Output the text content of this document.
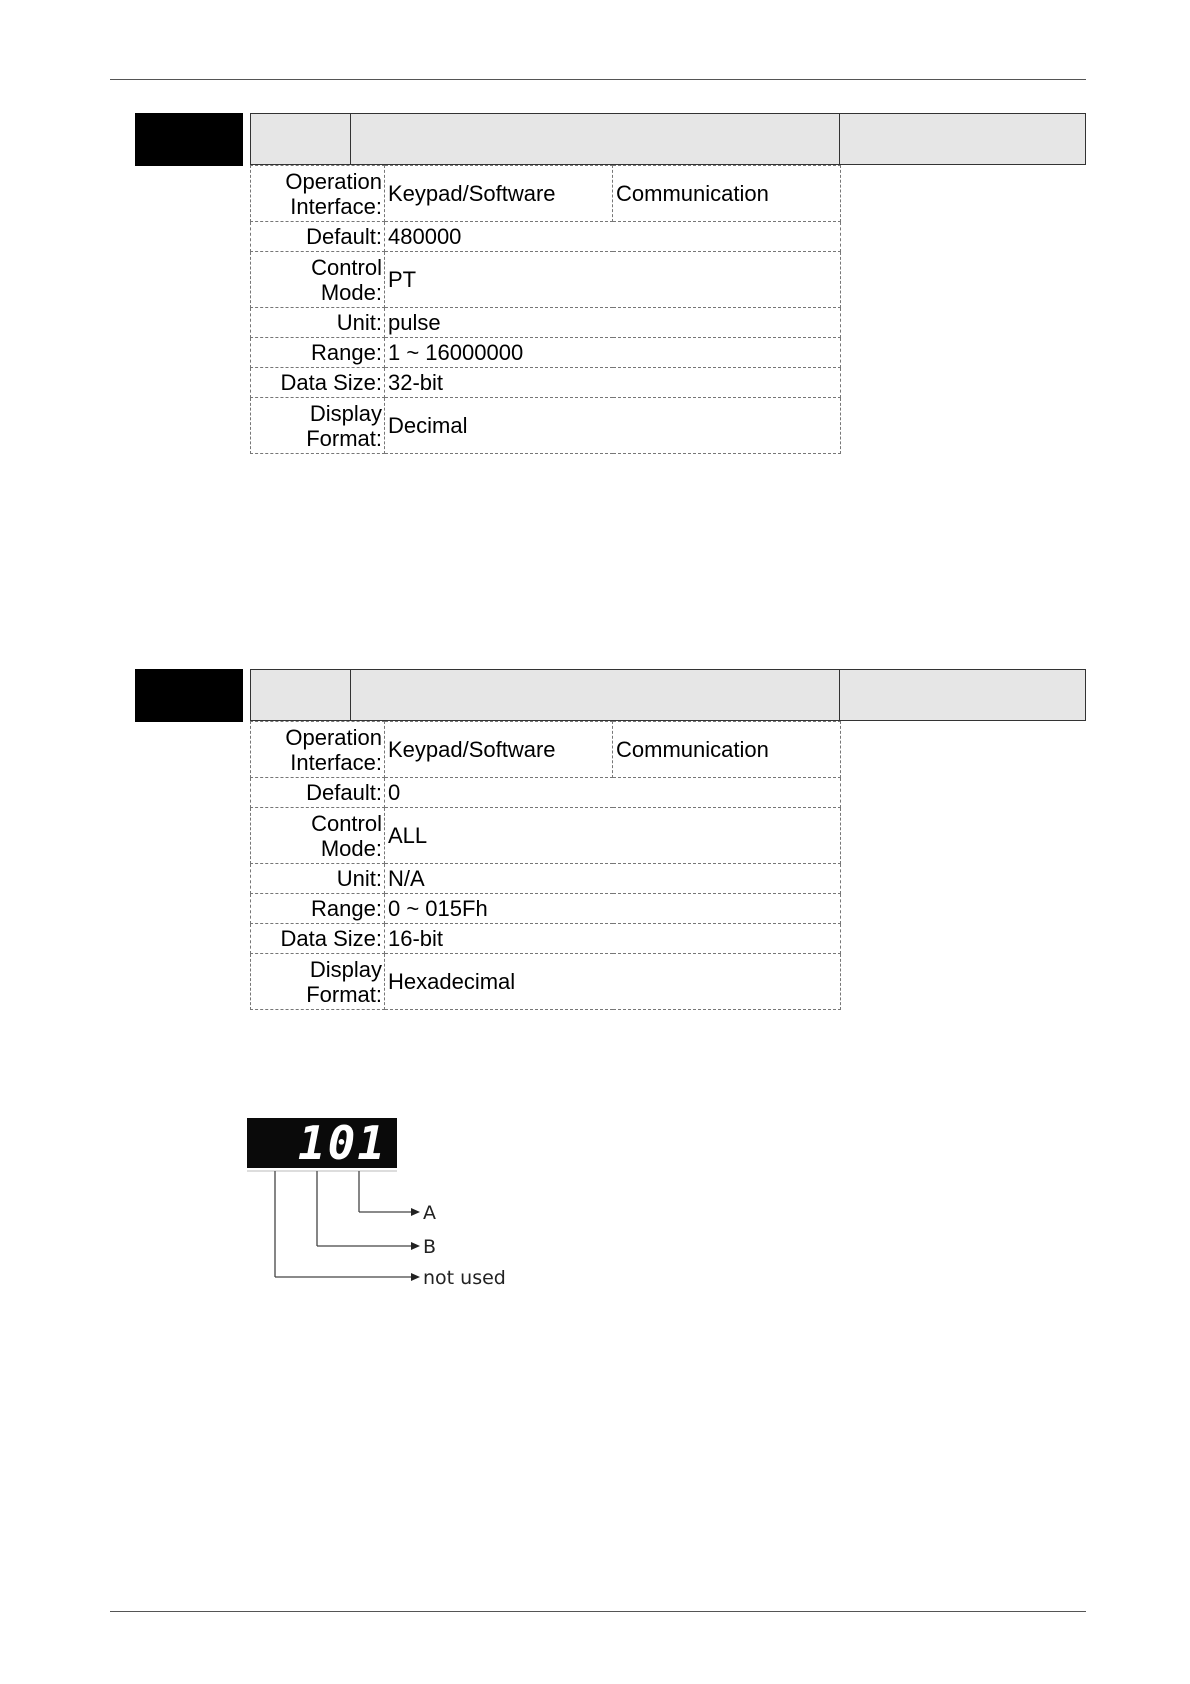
Operation Interface:	Keypad/Software	Communication
Default:	480000	
Control Mode:	PT	
Unit:	pulse	
Range:	1 ~ 16000000	
Data Size:	32-bit	
Display Format:	Decimal	
Operation Interface:	Keypad/Software	Communication
Default:	0	
Control Mode:	ALL	
Unit:	N/A	
Range:	0 ~ 015Fh	
Data Size:	16-bit	
Display Format:	Hexadecimal	
101
A
B
not used
